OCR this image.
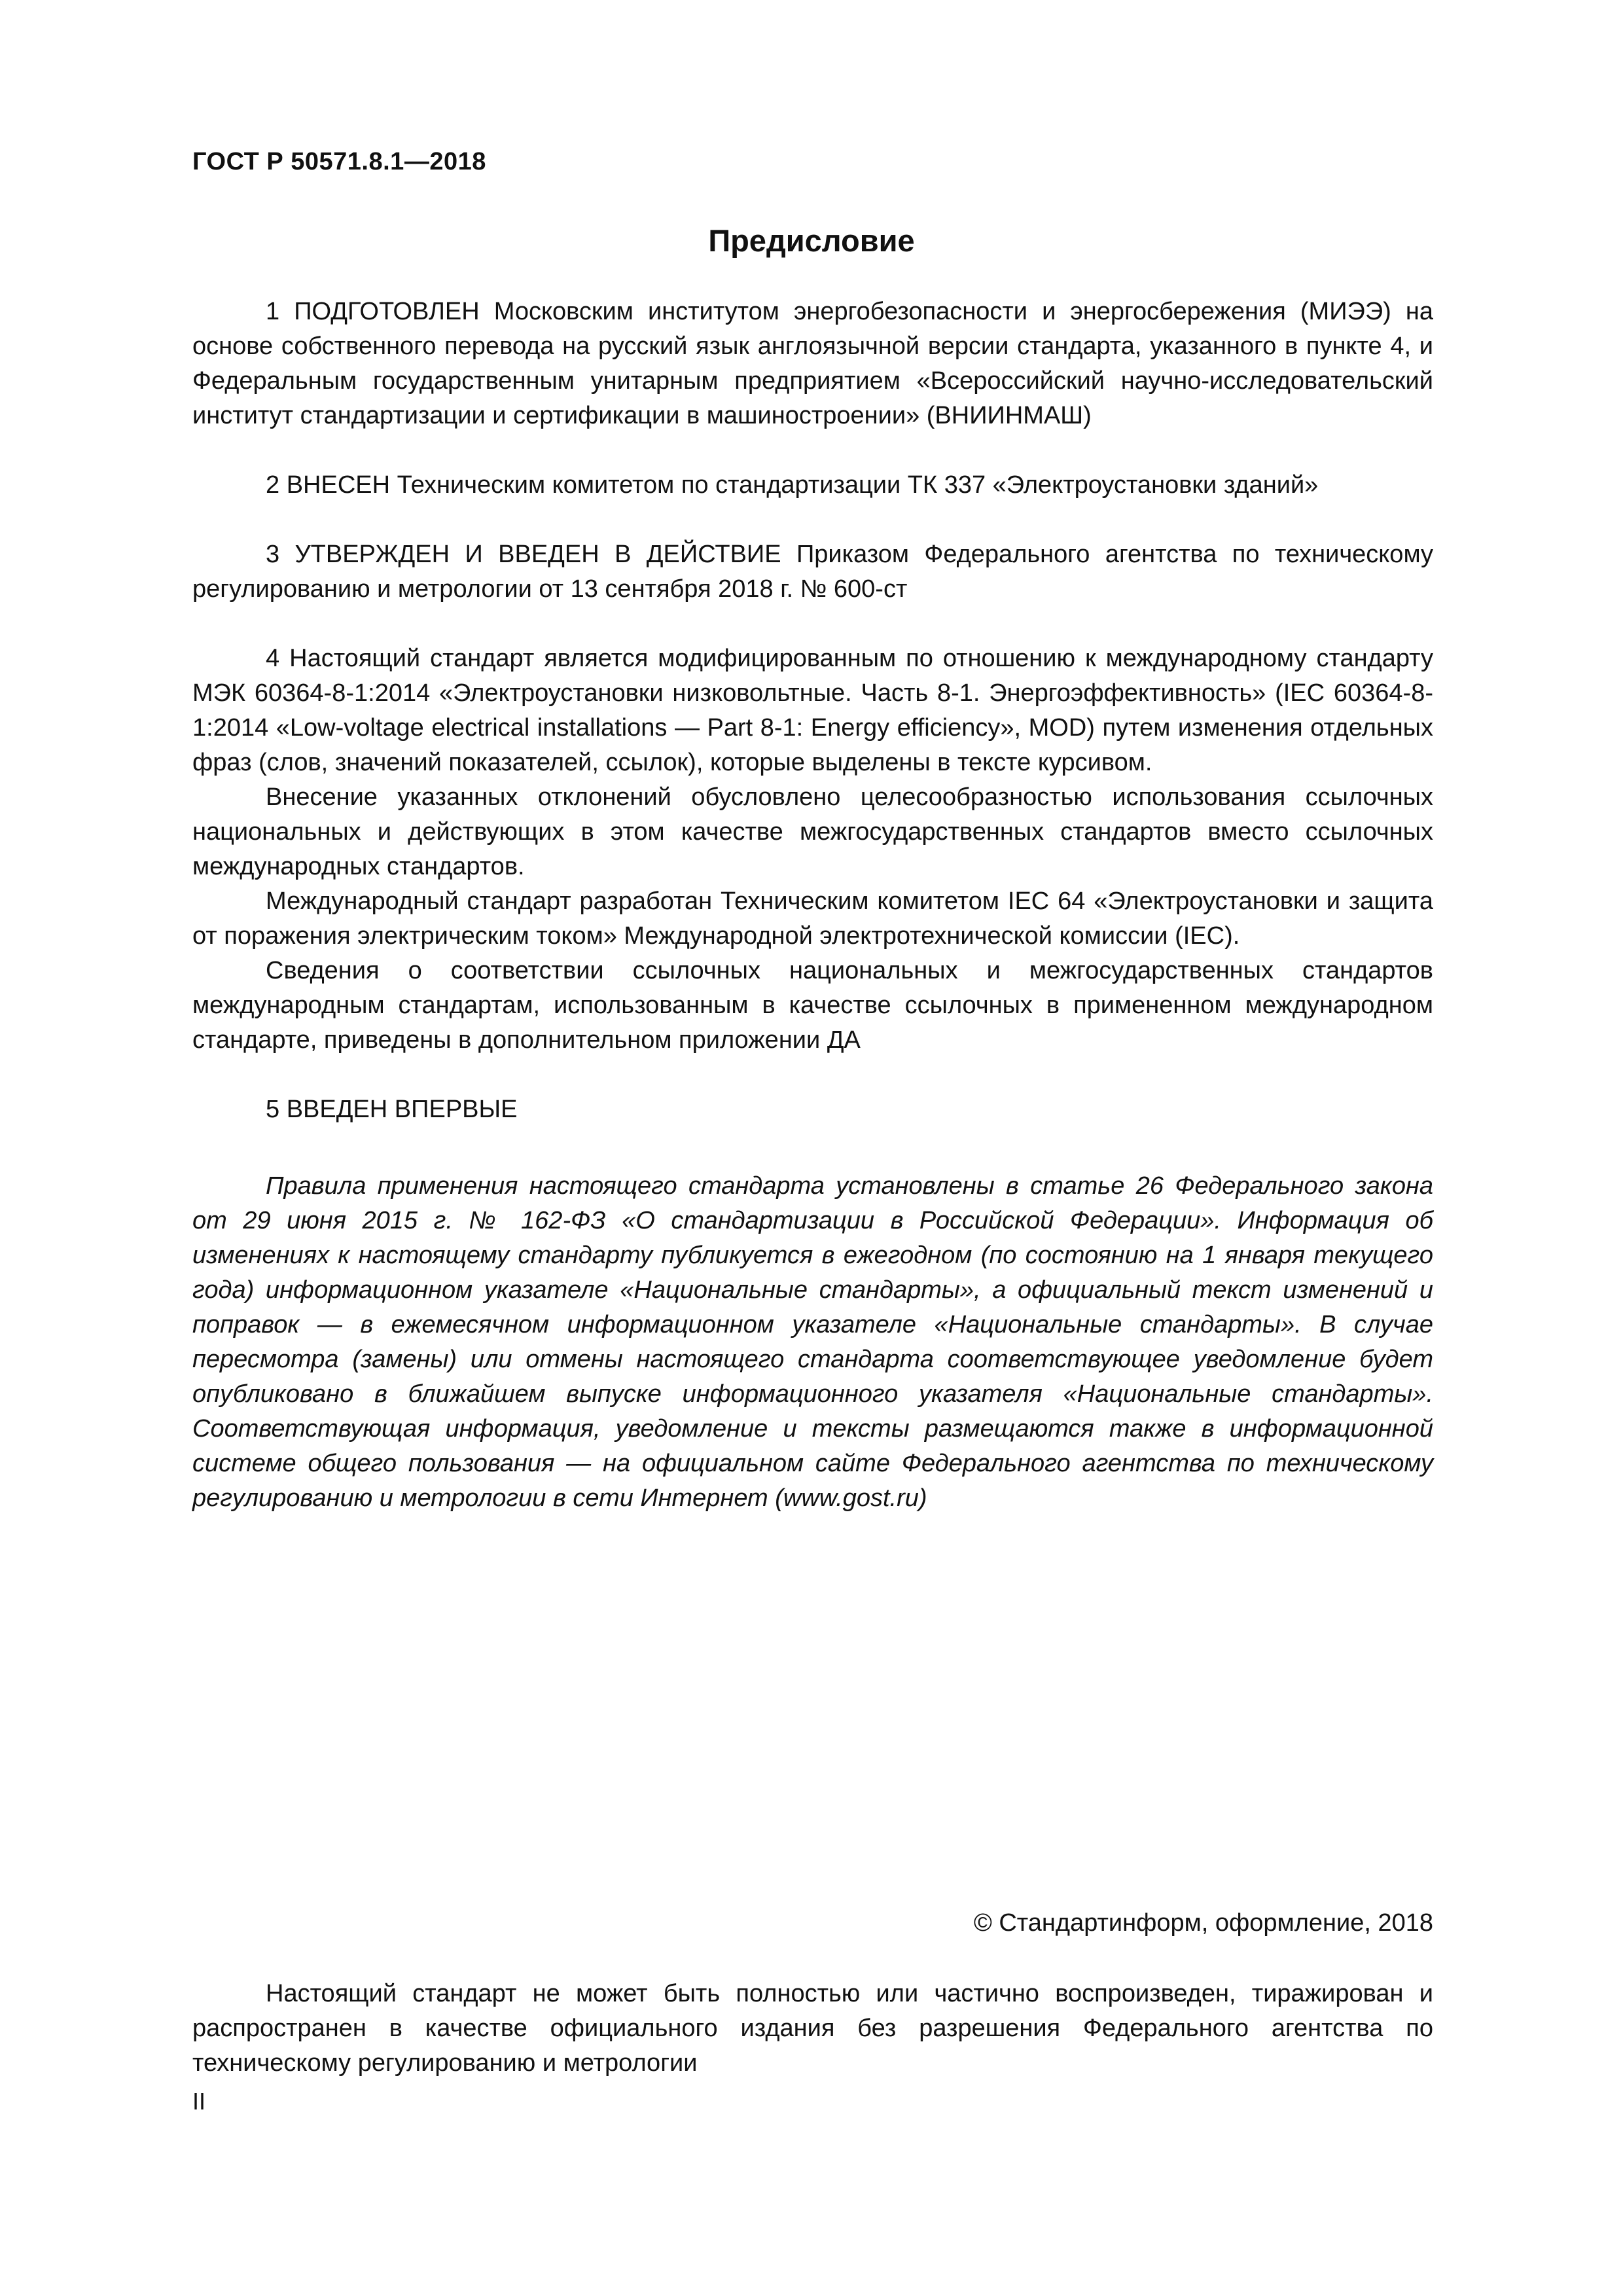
ГОСТ Р 50571.8.1—2018
Предисловие

1 ПОДГОТОВЛЕН Московским институтом энергобезопасности и энергосбережения (МИЭЭ) на основе собственного перевода на русский язык англоязычной версии стандарта, указанного в пункте 4, и Федеральным государственным унитарным предприятием «Всероссийский научно-исследовательский институт стандартизации и сертификации в машиностроении» (ВНИИНМАШ)

2 ВНЕСЕН Техническим комитетом по стандартизации ТК 337 «Электроустановки зданий»

3 УТВЕРЖДЕН И ВВЕДЕН В ДЕЙСТВИЕ Приказом Федерального агентства по техническому регулированию и метрологии от 13 сентября 2018 г. № 600-ст

4 Настоящий стандарт является модифицированным по отношению к международному стандарту МЭК 60364-8-1:2014 «Электроустановки низковольтные. Часть 8-1. Энергоэффективность» (IEC 60364-8-1:2014 «Low-voltage electrical installations — Part 8-1: Energy efficiency», MOD) путем изменения отдельных фраз (слов, значений показателей, ссылок), которые выделены в тексте курсивом.

Внесение указанных отклонений обусловлено целесообразностью использования ссылочных национальных и действующих в этом качестве межгосударственных стандартов вместо ссылочных международных стандартов.

Международный стандарт разработан Техническим комитетом IEC 64 «Электроустановки и защита от поражения электрическим током» Международной электротехнической комиссии (IEC).

Сведения о соответствии ссылочных национальных и межгосударственных стандартов международным стандартам, использованным в качестве ссылочных в примененном международном стандарте, приведены в дополнительном приложении ДА

5 ВВЕДЕН ВПЕРВЫЕ

Правила применения настоящего стандарта установлены в статье 26 Федерального закона от 29 июня 2015 г. № 162-ФЗ «О стандартизации в Российской Федерации». Информация об изменениях к настоящему стандарту публикуется в ежегодном (по состоянию на 1 января текущего года) информационном указателе «Национальные стандарты», а официальный текст изменений и поправок — в ежемесячном информационном указателе «Национальные стандарты». В случае пересмотра (замены) или отмены настоящего стандарта соответствующее уведомление будет опубликовано в ближайшем выпуске информационного указателя «Национальные стандарты». Соответствующая информация, уведомление и тексты размещаются также в информационной системе общего пользования — на официальном сайте Федерального агентства по техническому регулированию и метрологии в сети Интернет (www.gost.ru)

© Стандартинформ, оформление, 2018

Настоящий стандарт не может быть полностью или частично воспроизведен, тиражирован и распространен в качестве официального издания без разрешения Федерального агентства по техническому регулированию и метрологии

II
